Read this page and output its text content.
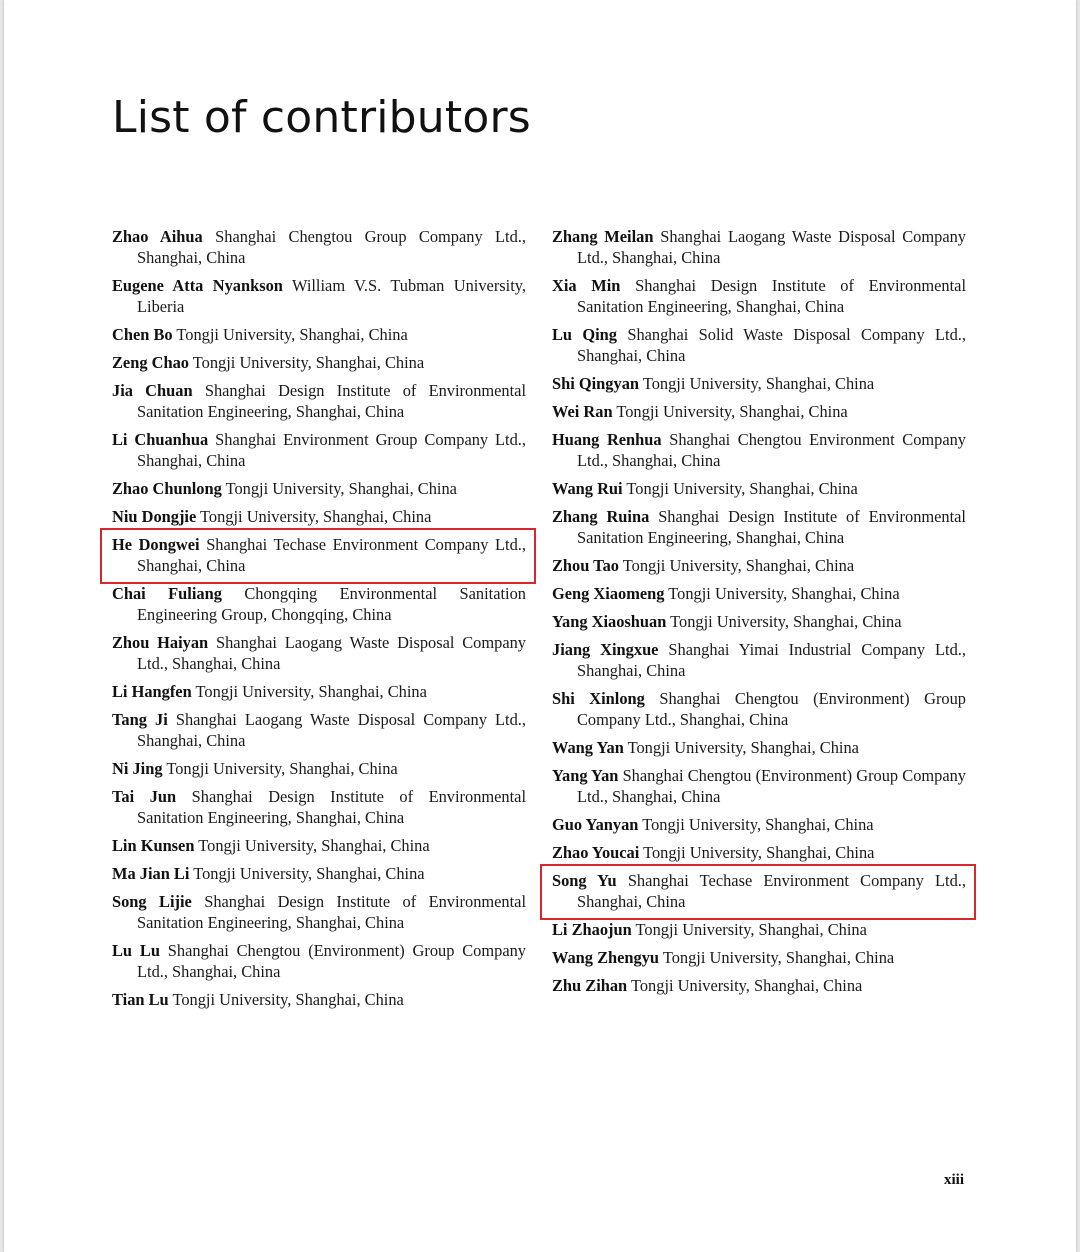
List of contributors
Zhao Aihua Shanghai Chengtou Group Company Ltd., Shanghai, China
Eugene Atta Nyankson William V.S. Tubman University, Liberia
Chen Bo Tongji University, Shanghai, China
Zeng Chao Tongji University, Shanghai, China
Jia Chuan Shanghai Design Institute of Environmental Sanitation Engineering, Shanghai, China
Li Chuanhua Shanghai Environment Group Company Ltd., Shanghai, China
Zhao Chunlong Tongji University, Shanghai, China
Niu Dongjie Tongji University, Shanghai, China
He Dongwei Shanghai Techase Environment Company Ltd., Shanghai, China
Chai Fuliang Chongqing Environmental Sanitation Engineering Group, Chongqing, China
Zhou Haiyan Shanghai Laogang Waste Disposal Company Ltd., Shanghai, China
Li Hangfen Tongji University, Shanghai, China
Tang Ji Shanghai Laogang Waste Disposal Company Ltd., Shanghai, China
Ni Jing Tongji University, Shanghai, China
Tai Jun Shanghai Design Institute of Environmental Sanitation Engineering, Shanghai, China
Lin Kunsen Tongji University, Shanghai, China
Ma Jian Li Tongji University, Shanghai, China
Song Lijie Shanghai Design Institute of Environmental Sanitation Engineering, Shanghai, China
Lu Lu Shanghai Chengtou (Environment) Group Company Ltd., Shanghai, China
Tian Lu Tongji University, Shanghai, China
Zhang Meilan Shanghai Laogang Waste Disposal Company Ltd., Shanghai, China
Xia Min Shanghai Design Institute of Environmental Sanitation Engineering, Shanghai, China
Lu Qing Shanghai Solid Waste Disposal Company Ltd., Shanghai, China
Shi Qingyan Tongji University, Shanghai, China
Wei Ran Tongji University, Shanghai, China
Huang Renhua Shanghai Chengtou Environment Company Ltd., Shanghai, China
Wang Rui Tongji University, Shanghai, China
Zhang Ruina Shanghai Design Institute of Environmental Sanitation Engineering, Shanghai, China
Zhou Tao Tongji University, Shanghai, China
Geng Xiaomeng Tongji University, Shanghai, China
Yang Xiaoshuan Tongji University, Shanghai, China
Jiang Xingxue Shanghai Yimai Industrial Company Ltd., Shanghai, China
Shi Xinlong Shanghai Chengtou (Environment) Group Company Ltd., Shanghai, China
Wang Yan Tongji University, Shanghai, China
Yang Yan Shanghai Chengtou (Environment) Group Company Ltd., Shanghai, China
Guo Yanyan Tongji University, Shanghai, China
Zhao Youcai Tongji University, Shanghai, China
Song Yu Shanghai Techase Environment Company Ltd., Shanghai, China
Li Zhaojun Tongji University, Shanghai, China
Wang Zhengyu Tongji University, Shanghai, China
Zhu Zihan Tongji University, Shanghai, China
xiii
